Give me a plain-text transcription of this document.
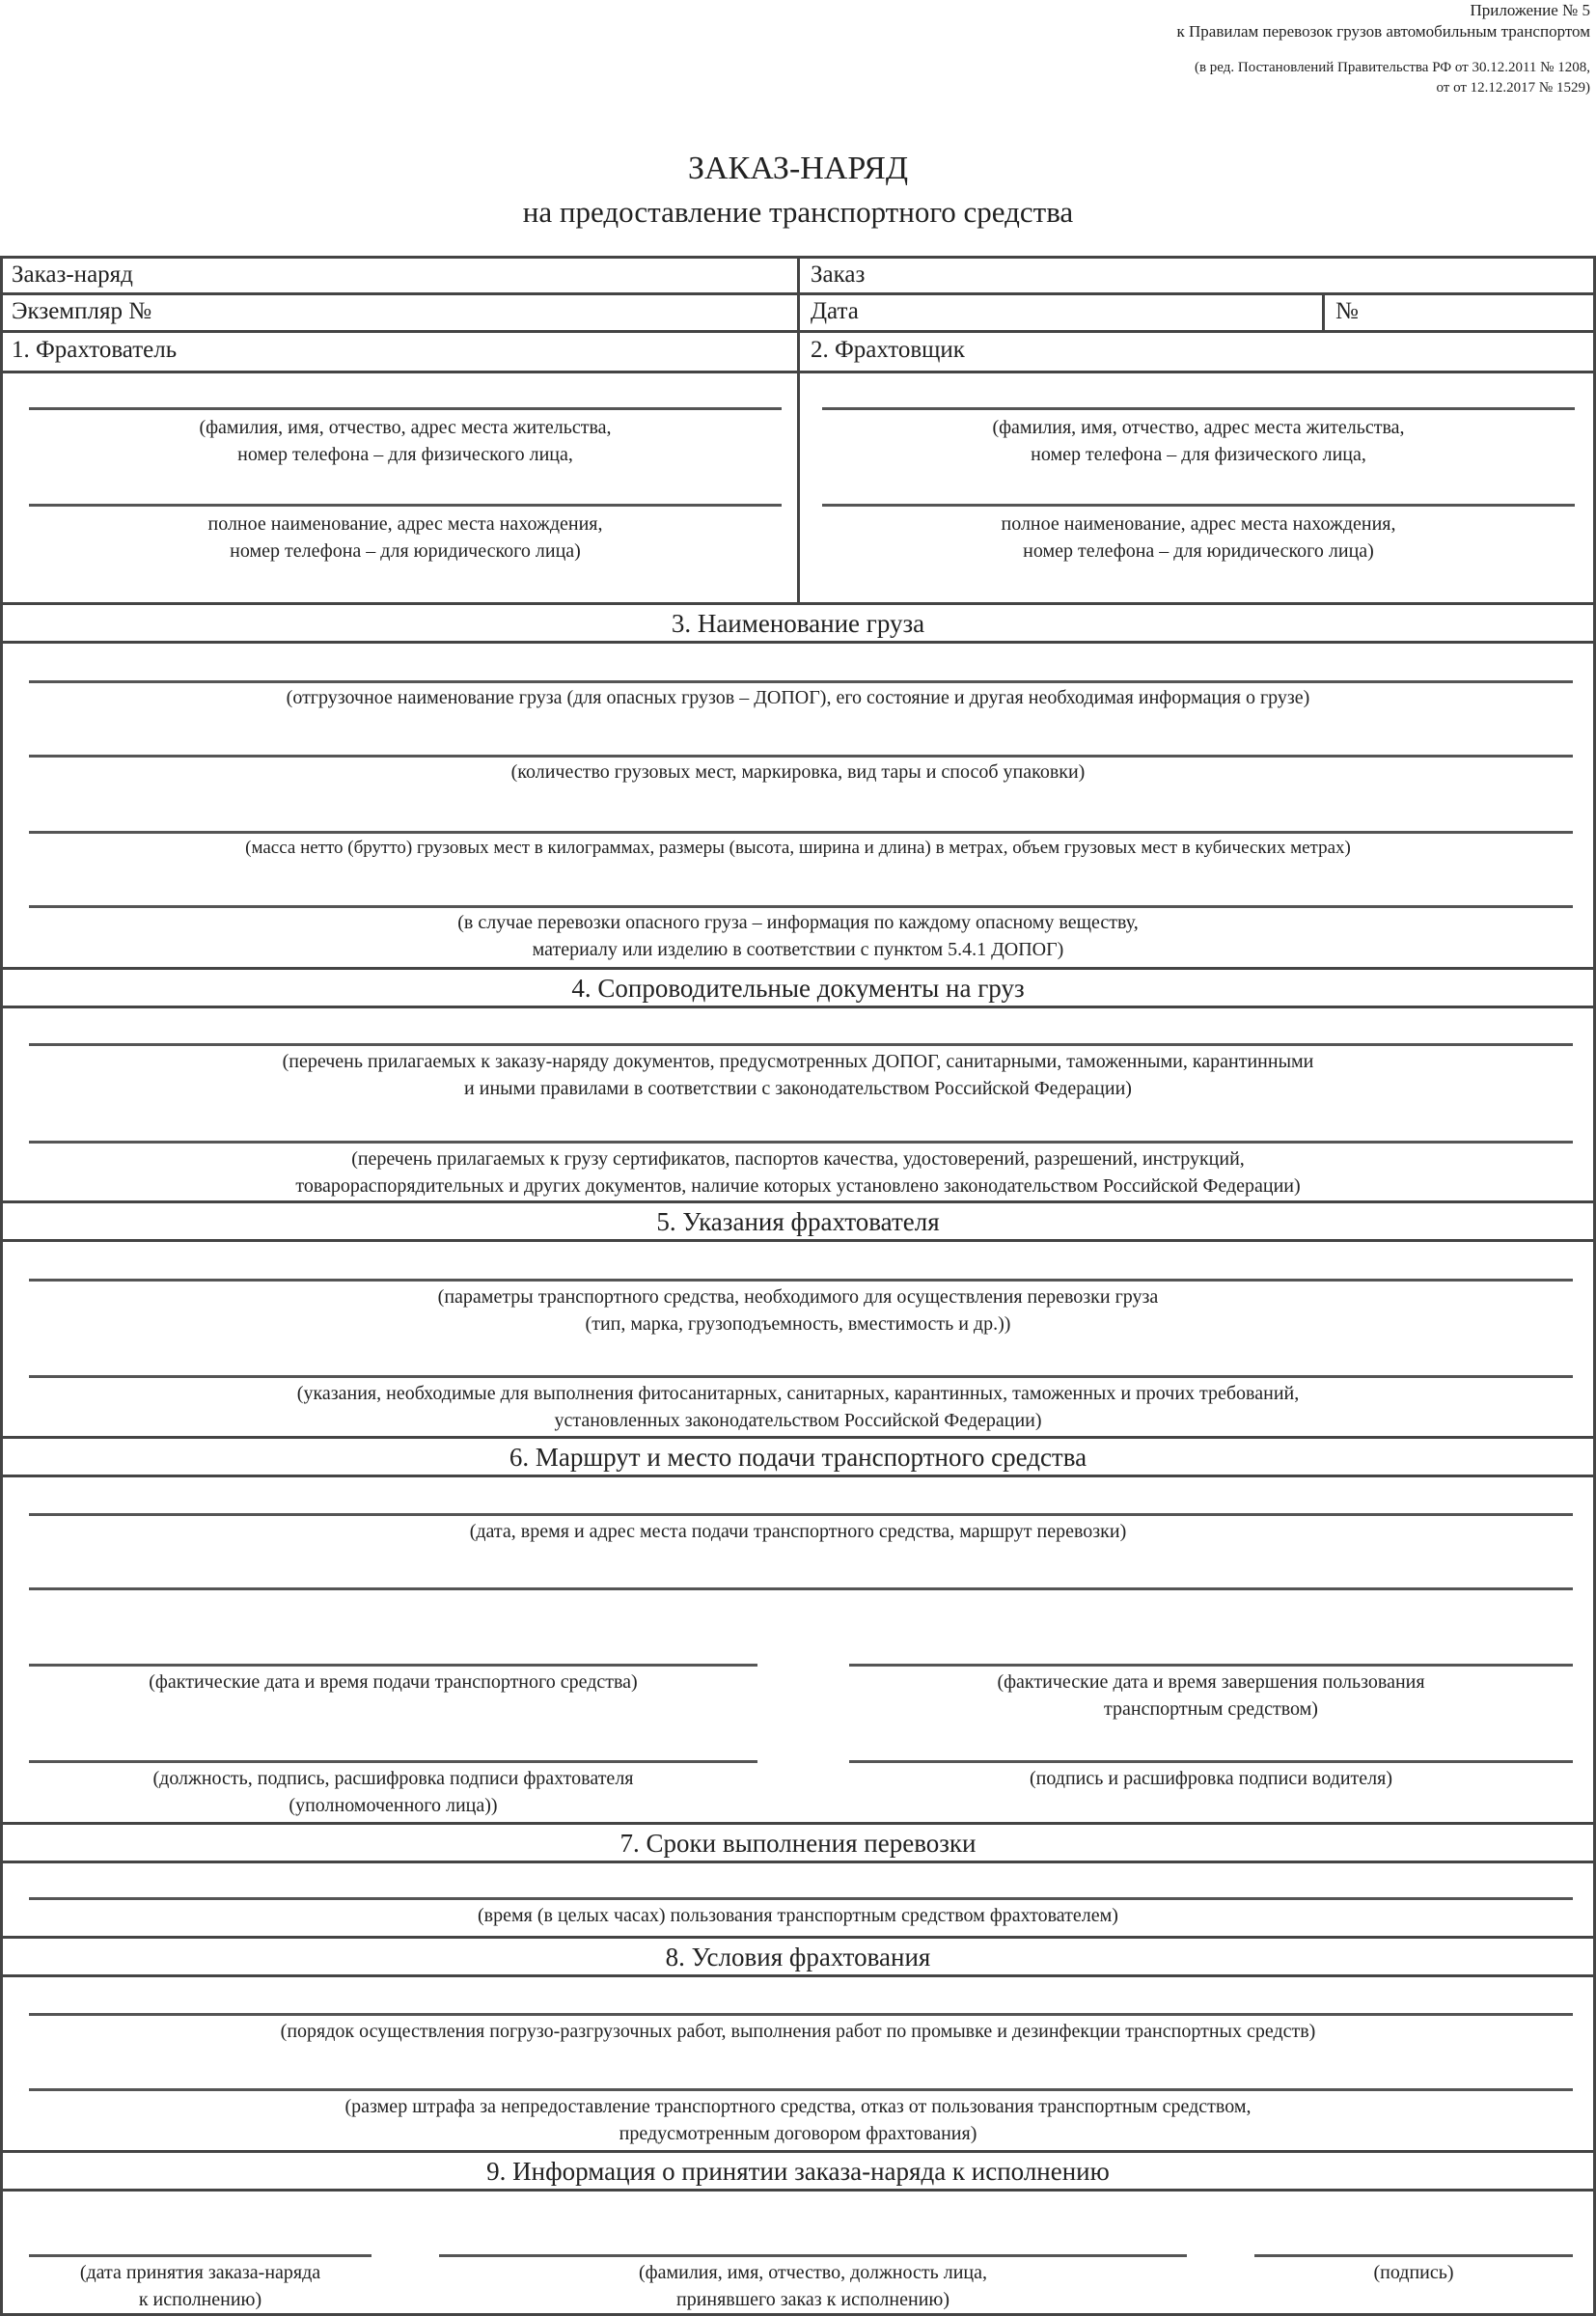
Приложение № 5
к Правилам перевозок грузов автомобильным транспортом
(в ред. Постановлений Правительства РФ от 30.12.2011 № 1208,
от от 12.12.2017 № 1529)
ЗАКАЗ-НАРЯД
на предоставление транспортного средства
Заказ-наряд	Заказ
Экземпляр №	Дата	№
1. Фрахтователь	2. Фрахтовщик
(фамилия, имя, отчество, адрес места жительства,
номер телефона – для физического лица,
полное наименование, адрес места нахождения,
номер телефона – для юридического лица)
(фамилия, имя, отчество, адрес места жительства,
номер телефона – для физического лица,
полное наименование, адрес места нахождения,
номер телефона – для юридического лица)
3. Наименование груза
(отгрузочное наименование груза (для опасных грузов – ДОПОГ), его состояние и другая необходимая информация о грузе)
(количество грузовых мест, маркировка, вид тары и способ упаковки)
(масса нетто (брутто) грузовых мест в килограммах, размеры (высота, ширина и длина) в метрах, объем грузовых мест в кубических метрах)
(в случае перевозки опасного груза – информация по каждому опасному веществу,
материалу или изделию в соответствии с пунктом 5.4.1 ДОПОГ)
4. Сопроводительные документы на груз
(перечень прилагаемых к заказу-наряду документов, предусмотренных ДОПОГ, санитарными, таможенными, карантинными
и иными правилами в соответствии с законодательством Российской Федерации)
(перечень прилагаемых к грузу сертификатов, паспортов качества, удостоверений, разрешений, инструкций,
товарораспорядительных и других документов, наличие которых установлено законодательством Российской Федерации)
5. Указания фрахтователя
(параметры транспортного средства, необходимого для осуществления перевозки груза
(тип, марка, грузоподъемность, вместимость и др.))
(указания, необходимые для выполнения фитосанитарных, санитарных, карантинных, таможенных и прочих требований,
установленных законодательством Российской Федерации)
6. Маршрут и место подачи транспортного средства
(дата, время и адрес места подачи транспортного средства, маршрут перевозки)
(фактические дата и время подачи транспортного средства)	(фактические дата и время завершения пользования
транспортным средством)
(должность, подпись, расшифровка подписи фрахтователя
(уполномоченного лица))
(подпись и расшифровка подписи водителя)
7. Сроки выполнения перевозки
(время (в целых часах) пользования транспортным средством фрахтователем)
8. Условия фрахтования
(порядок осуществления погрузо-разгрузочных работ, выполнения работ по промывке и дезинфекции транспортных средств)
(размер штрафа за непредоставление транспортного средства, отказ от пользования транспортным средством,
предусмотренным договором фрахтования)
9. Информация о принятии заказа-наряда к исполнению
(дата принятия заказа-наряда
к исполнению)
(фамилия, имя, отчество, должность лица,
принявшего заказ к исполнению)
(подпись)
